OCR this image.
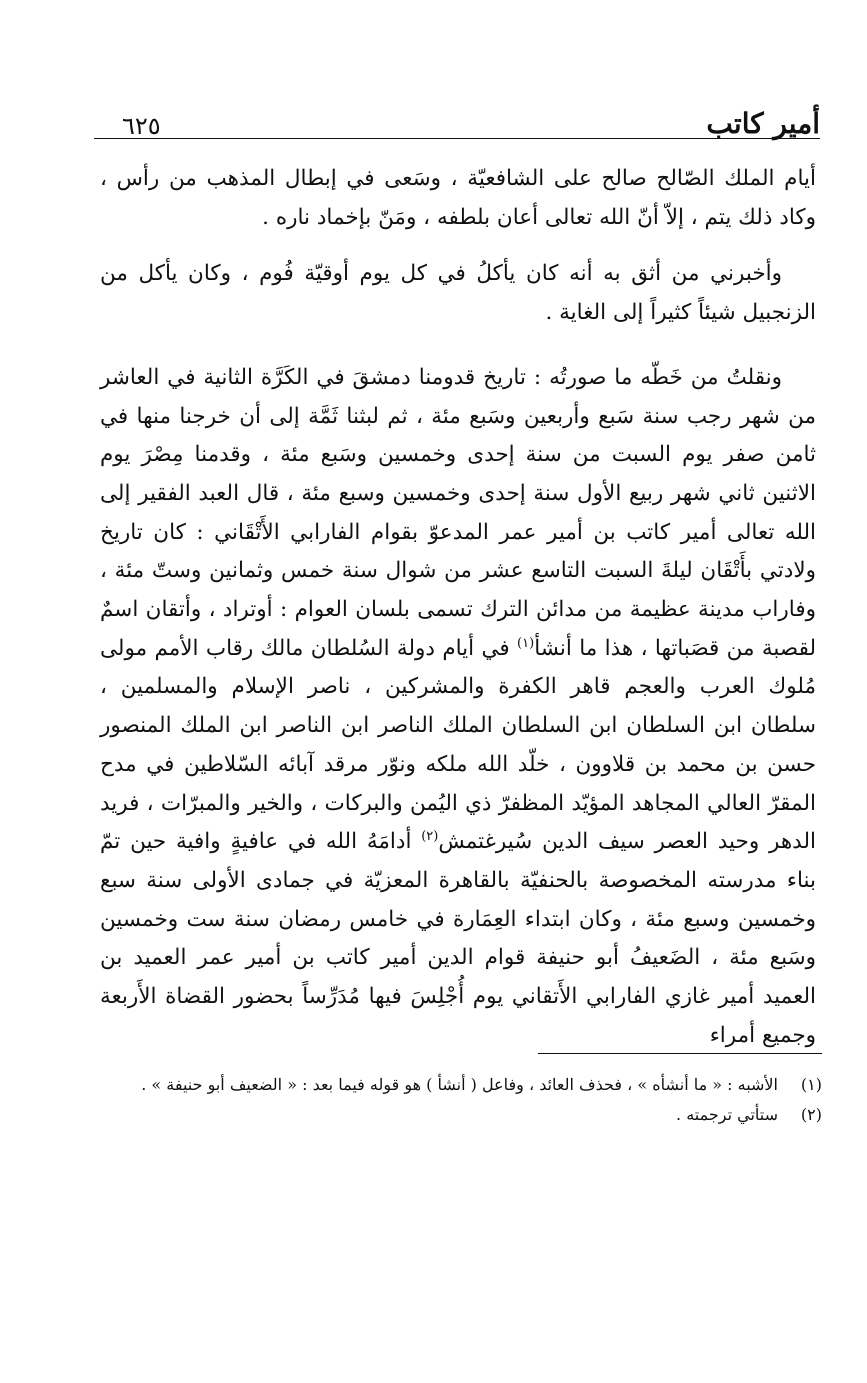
أمير كاتب
٦٢٥

أيام الملك الصّالح صالح على الشافعيّة ، وسَعى في إبطال المذهب من رأس ، وكاد ذلك يتم ، إلاّ أنّ الله تعالى أعان بلطفه ، ومَنّ بإخماد ناره .

وأخبرني من أثق به أنه كان يأكلُ في كل يوم أوقيّة فُوم ، وكان يأكل من الزنجبيل شيئاً كثيراً إلى الغاية .

ونقلتُ من خَطّه ما صورتُه : تاريخ قدومنا دمشقَ في الكَرَّة الثانية في العاشر من شهر رجب سنة سَبع وأربعين وسَبع مئة ، ثم لبثنا ثَمَّة إلى أن خرجنا منها في ثامن صفر يوم السبت من سنة إحدى وخمسين وسَبع مئة ، وقدمنا مِصْرَ يوم الاثنين ثاني شهر ربيع الأول سنة إحدى وخمسين وسبع مئة ، قال العبد الفقير إلى الله تعالى أمير كاتب بن أمير عمر المدعوّ بقوام الفارابي الأَتْقَاني : كان تاريخ ولادتي بأَتْقَان ليلةَ السبت التاسع عشر من شوال سنة خمس وثمانين وستّ مئة ، وفاراب مدينة عظيمة من مدائن الترك تسمى بلسان العوام : أوتراد ، وأتقان اسمٌ لقصبة من قصَباتها ، هذا ما أنشأ$^{(١)}$ في أيام دولة السُلطان مالك رقاب الأمم مولى مُلوك العرب والعجم قاهر الكفرة والمشركين ، ناصر الإسلام والمسلمين ، سلطان ابن السلطان ابن السلطان الملك الناصر ابن الناصر ابن الملك المنصور حسن بن محمد بن قلاوون ، خلّد الله ملكه ونوّر مرقد آبائه السّلاطين في مدح المقرّ العالي المجاهد المؤيّد المظفرّ ذي اليُمن والبركات ، والخير والمبرّات ، فريد الدهر وحيد العصر سيف الدين سُيرغتمش$^{(٢)}$ أدامَهُ الله في عافيةٍ وافية حين تمّ بناء مدرسته المخصوصة بالحنفيّة بالقاهرة المعزيّة في جمادى الأولى سنة سبع وخمسين وسبع مئة ، وكان ابتداء العِمَارة في خامس رمضان سنة ست وخمسين وسَبع مئة ، الضَعيفُ أبو حنيفة قوام الدين أمير كاتب بن أمير عمر العميد بن العميد أمير غازي الفارابي الأَتقاني يوم أُجْلِسَ فيها مُدَرِّساً بحضور القضاة الأَربعة وجميع أمراء

(١)
الأشبه : « ما أنشأه » ، فحذف العائد ، وفاعل ( أنشأ ) هو قوله فيما بعد : « الضعيف أبو حنيفة » .
(٢)
ستأتي ترجمته .
